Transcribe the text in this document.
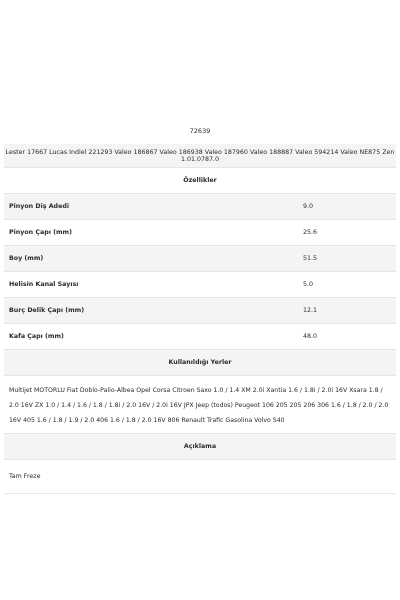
72639
Lester 17667 Lucas Indiel 221293 Valeo 186867 Valeo 186938 Valeo 187960 Valeo 188887 Valeo 594214 Valeo NE875 Zen 1.01.0787.0
Özellikler
Pinyon Diş Adedi	9.0
Pinyon Çapı (mm)	25.6
Boy (mm)	51.5
Helisin Kanal Sayısı	5.0
Burç Delik Çapı (mm)	12.1
Kafa Çapı (mm)	48.0
Kullanıldığı Yerler
Multijet MOTORLU Fiat Doblo-Palio-Albea Opel Corsa Citroen Saxo 1.0 / 1.4 XM 2.0i Xantia 1.6 / 1.8i / 2.0i 16V Xsara 1.8 / 2.0 16V ZX 1.0 / 1.4 / 1.6 / 1.8 / 1.8i / 2.0 16V / 2.0i 16V JPX Jeep (todos) Peugeot 106 205 205 206 306 1.6 / 1.8 / 2.0 / 2.0 16V 405 1.6 / 1.8 / 1.9 / 2.0 406 1.6 / 1.8 / 2.0 16V 806 Renault Trafic Gasolina Volvo S40
Açıklama
Tam Freze
